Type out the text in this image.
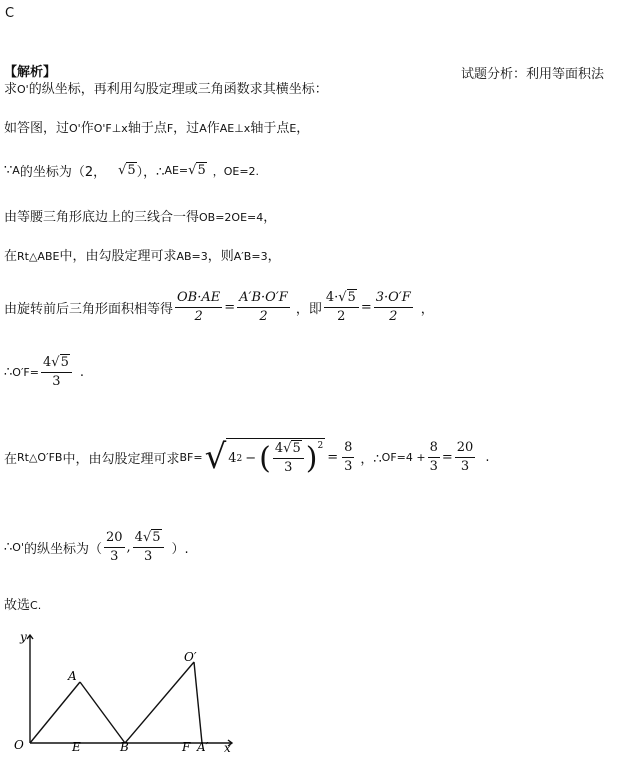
C
【解析】	试题分析：利用等面积法
求O'的纵坐标，再利用勾股定理或三角函数求其横坐标：
如答图，过O'作O'F⊥x轴于点F，过A作AE⊥x轴于点E，
∵ A 的坐标为（2， √5 ），∴ AE= √5 ，OE=2.
由等腰三角形底边上的三线合一得OB=2OE=4，
在Rt△ABE中，由勾股定理可求AB=3，则A′B=3，
由旋转前后三角形面积相等得 $\frac{OB\cdot AE}{2} = \frac{A'B\cdot O'F}{2}$ ，即 $\frac{4\cdot√5}{2} = \frac{3\cdot O'F}{2}$ ，
∴ $O'F= \frac{4√5}{3}$ .
在 Rt△O′FB 中，由勾股定理可求 BF= √ 4 2 − ( $\frac{4√5}{3} )^2$
= $\frac{8}{3}$ ，∴ $OF=4 + \frac{8}{3} = \frac{20}{3}$ .
∴ O' 的纵坐标为（ $\frac{20}{3}$ , $\frac{4√5}{3}$ ）.
故选C.
y
x
O	E	B	F A′
A
O′
